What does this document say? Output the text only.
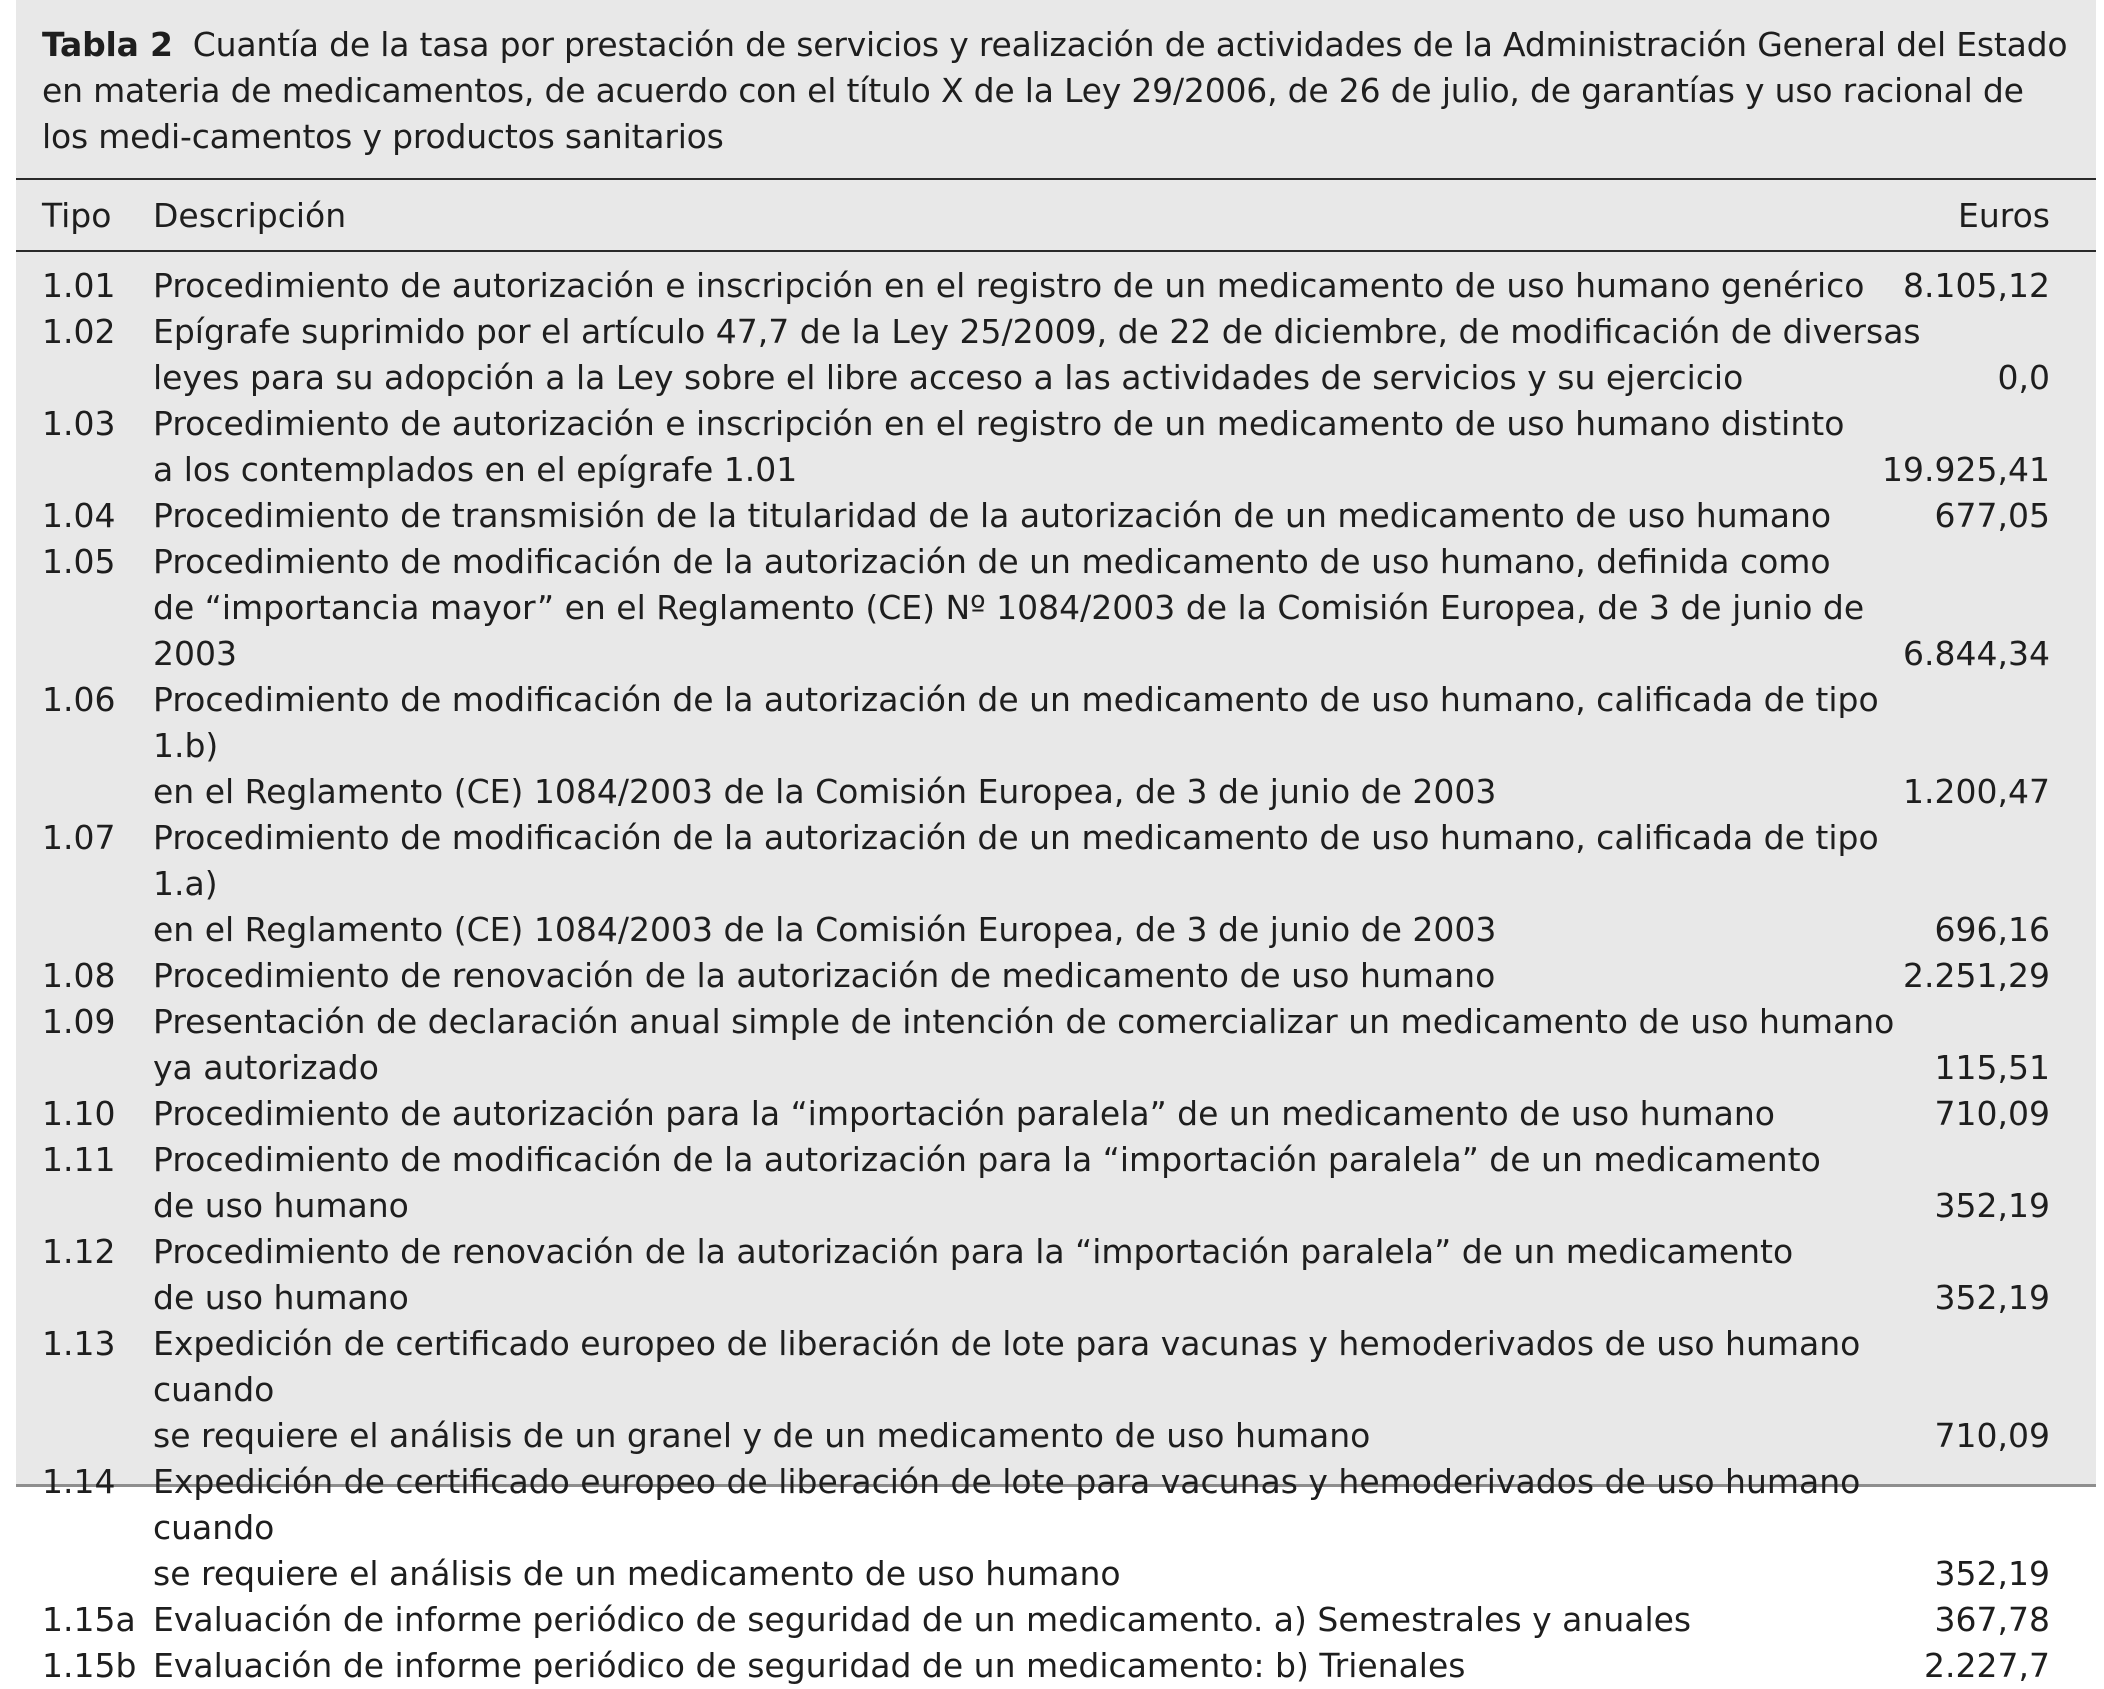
Tabla 2 Cuantía de la tasa por prestación de servicios y realización de actividades de la Administración General del Estado en materia de medicamentos, de acuerdo con el título X de la Ley 29/2006, de 26 de julio, de garantías y uso racional de los medi-camentos y productos sanitarios
Tipo Descripción	Euros
1.01 Procedimiento de autorización e inscripción en el registro de un medicamento de uso humano genérico	8.105,12
1.02 Epígrafe suprimido por el artículo 47,7 de la Ley 25/2009, de 22 de diciembre, de modificación de diversas
leyes para su adopción a la Ley sobre el libre acceso a las actividades de servicios y su ejercicio	0,0
1.03 Procedimiento de autorización e inscripción en el registro de un medicamento de uso humano distinto
a los contemplados en el epígrafe 1.01	19.925,41
1.04 Procedimiento de transmisión de la titularidad de la autorización de un medicamento de uso humano	677,05
1.05 Procedimiento de modificación de la autorización de un medicamento de uso humano, definida como
de “importancia mayor” en el Reglamento (CE) Nº 1084/2003 de la Comisión Europea, de 3 de junio de 2003	6.844,34
1.06 Procedimiento de modificación de la autorización de un medicamento de uso humano, calificada de tipo 1.b)
en el Reglamento (CE) 1084/2003 de la Comisión Europea, de 3 de junio de 2003	1.200,47
1.07 Procedimiento de modificación de la autorización de un medicamento de uso humano, calificada de tipo 1.a)
en el Reglamento (CE) 1084/2003 de la Comisión Europea, de 3 de junio de 2003	696,16
1.08 Procedimiento de renovación de la autorización de medicamento de uso humano	2.251,29
1.09 Presentación de declaración anual simple de intención de comercializar un medicamento de uso humano
ya autorizado	115,51
1.10 Procedimiento de autorización para la “importación paralela” de un medicamento de uso humano	710,09
1.11 Procedimiento de modificación de la autorización para la “importación paralela” de un medicamento
de uso humano	352,19
1.12 Procedimiento de renovación de la autorización para la “importación paralela” de un medicamento
de uso humano	352,19
1.13 Expedición de certificado europeo de liberación de lote para vacunas y hemoderivados de uso humano cuando
se requiere el análisis de un granel y de un medicamento de uso humano	710,09
1.14 Expedición de certificado europeo de liberación de lote para vacunas y hemoderivados de uso humano cuando
se requiere el análisis de un medicamento de uso humano	352,19
1.15a Evaluación de informe periódico de seguridad de un medicamento. a) Semestrales y anuales	367,78
1.15b Evaluación de informe periódico de seguridad de un medicamento: b) Trienales	2.227,7
